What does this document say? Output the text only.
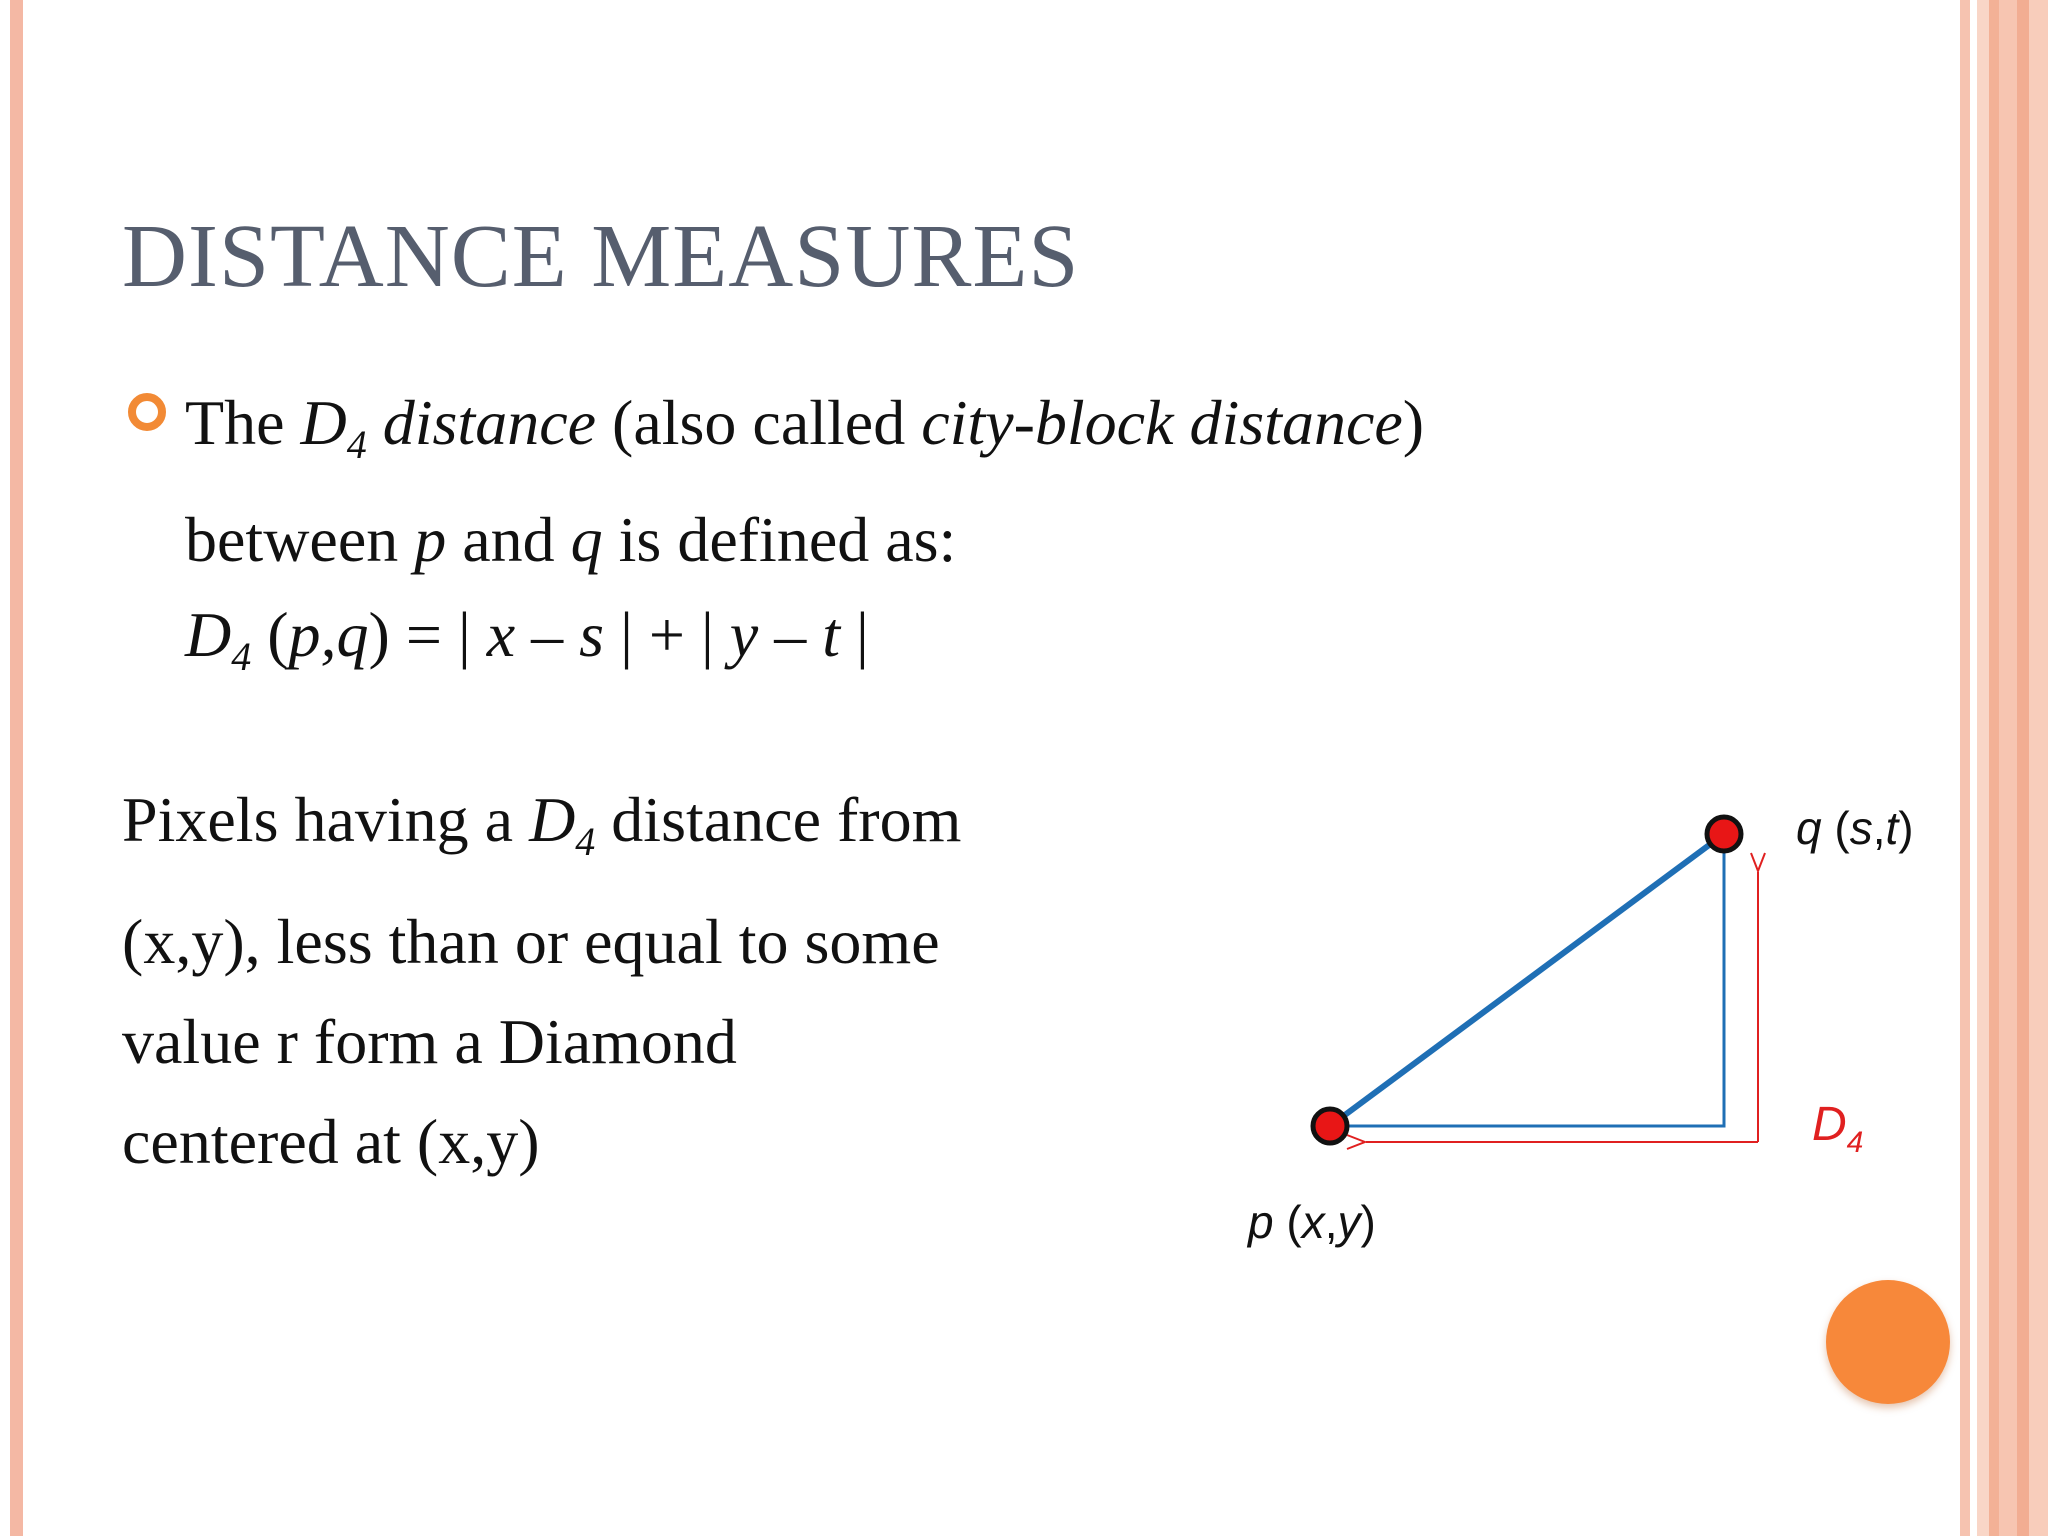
DISTANCE MEASURES
The $D_4$ distance (also called city-block distance)
between p and q is defined as:
$D_4$ (p,q) = | x – s | + | y – t |
Pixels having a $D_4$ distance from
(x,y), less than or equal to some
value r form a Diamond
centered at (x,y)
q (s,t)
p (x,y)
$D_4$
